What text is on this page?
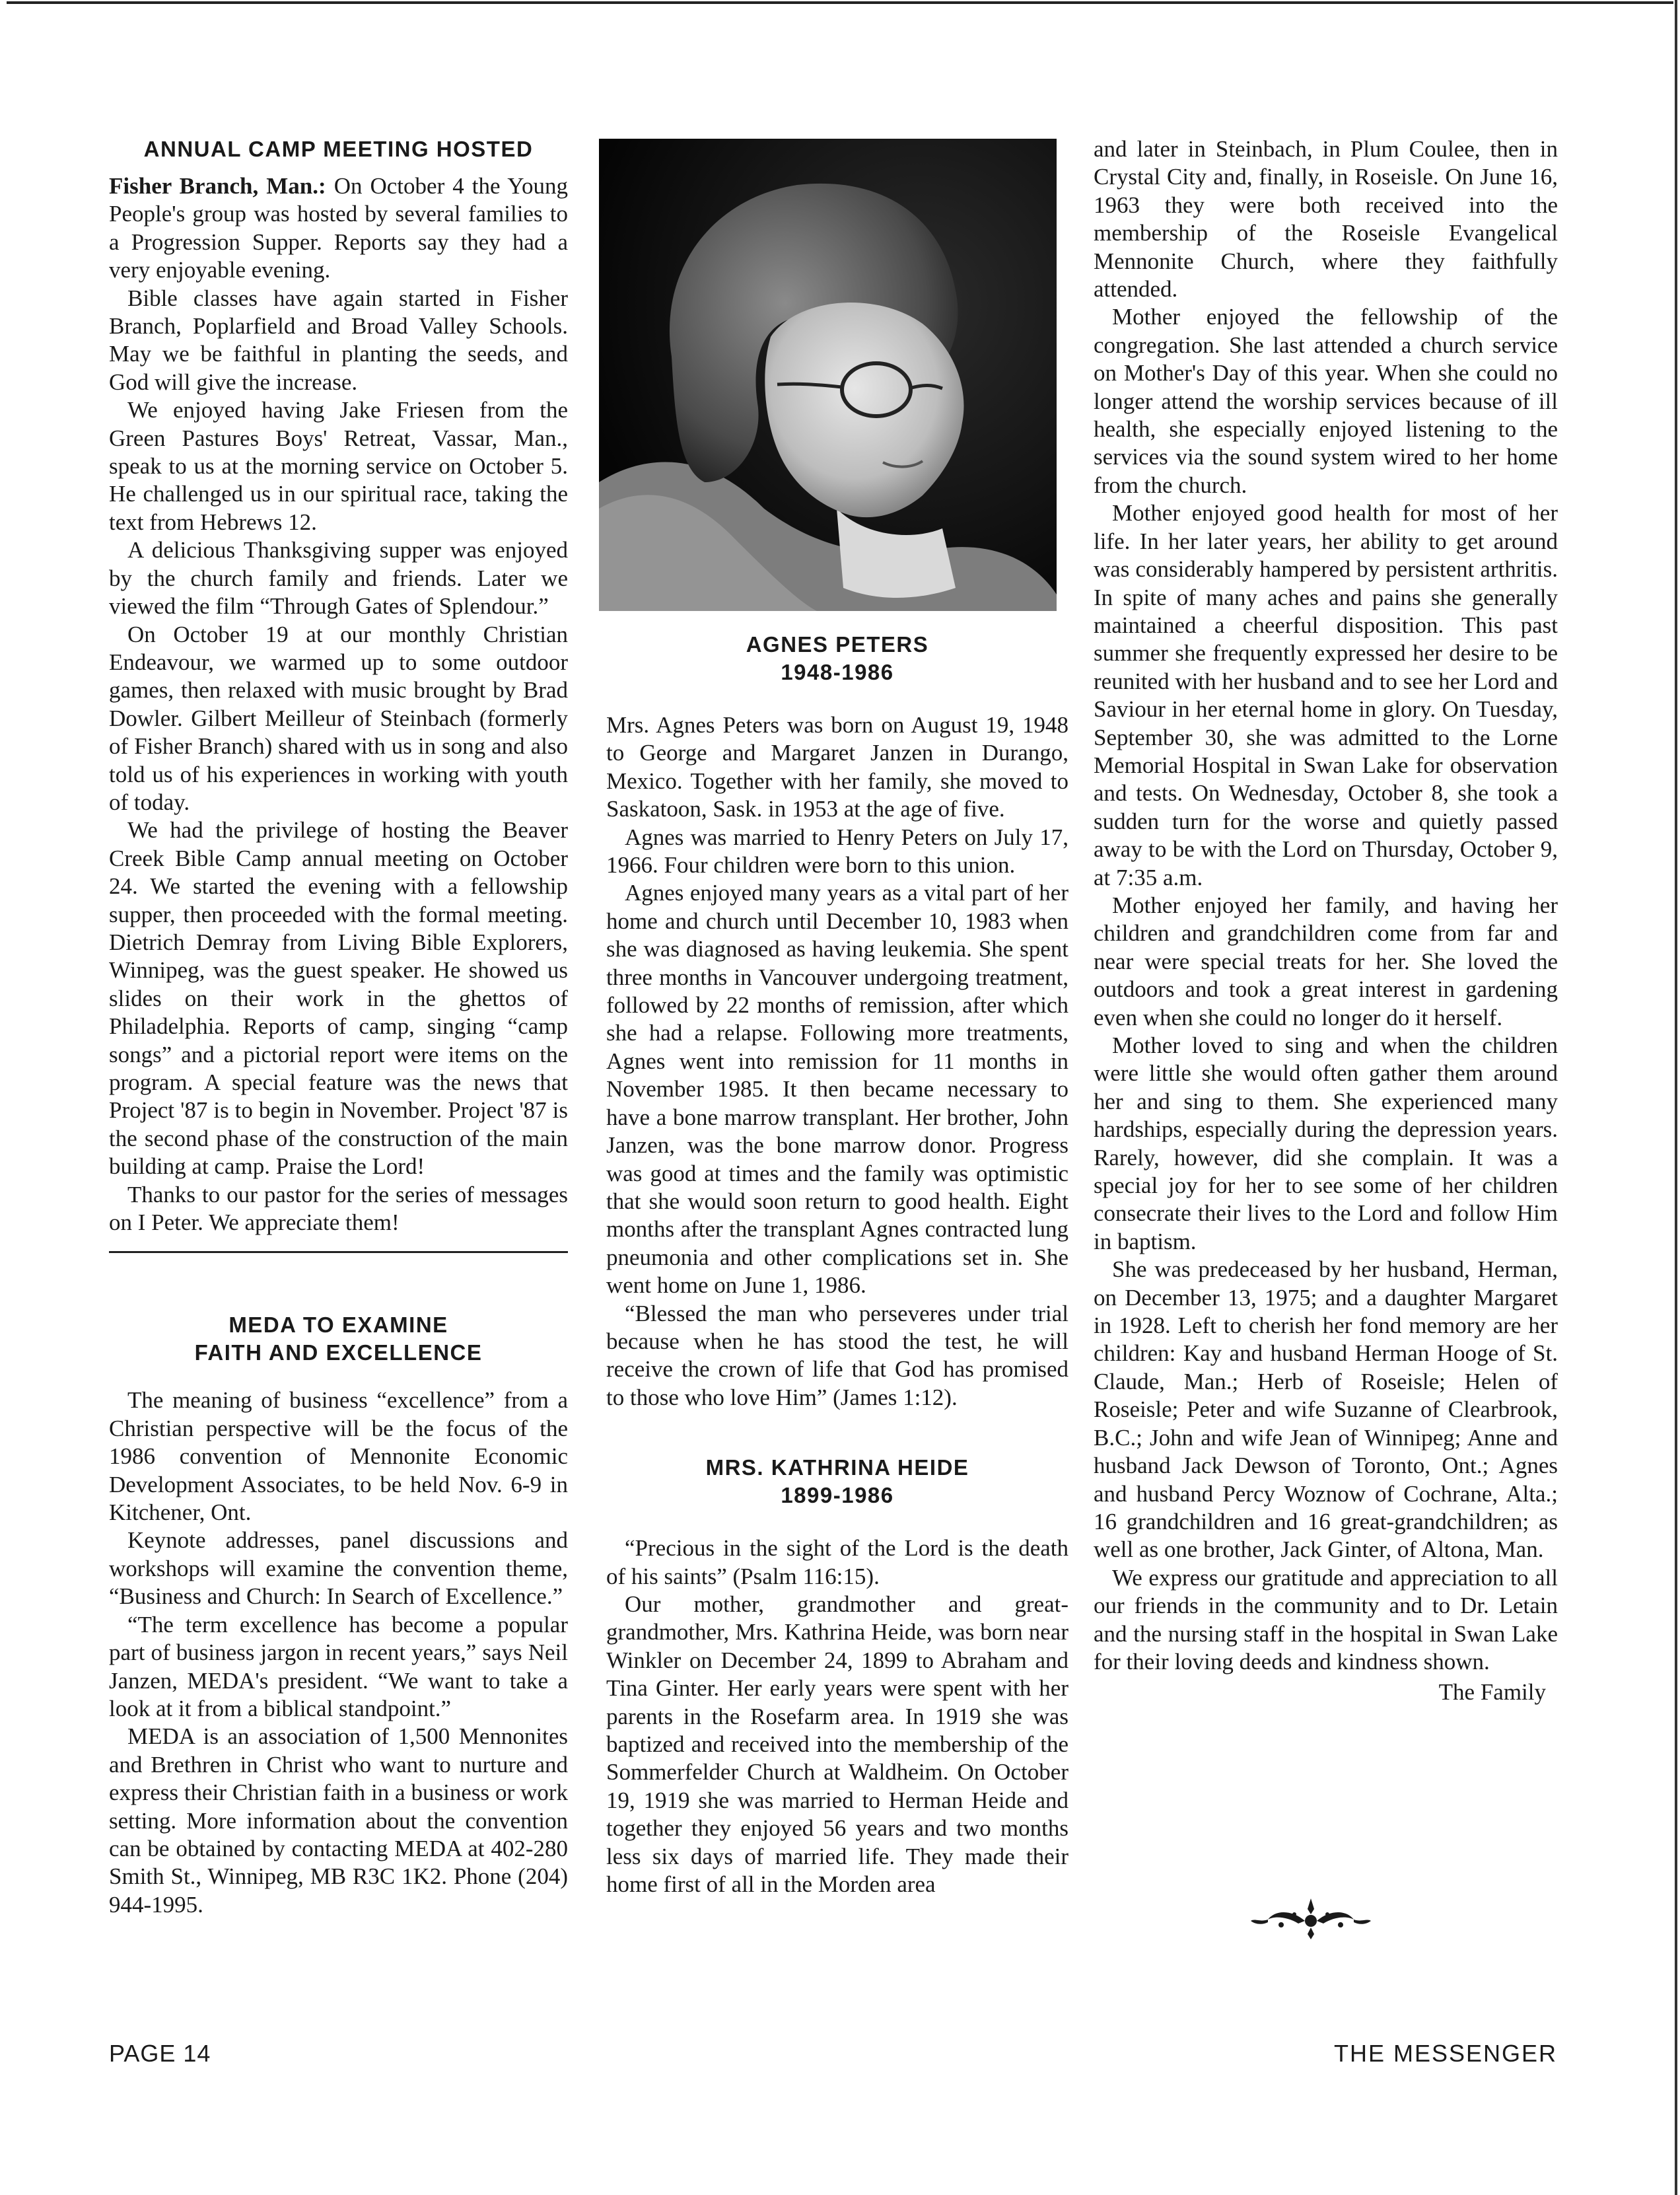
ANNUAL CAMP MEETING HOSTED

Fisher Branch, Man.: On October 4 the Young People's group was hosted by several families to a Progression Supper. Reports say they had a very enjoyable evening.

Bible classes have again started in Fisher Branch, Poplarfield and Broad Valley Schools. May we be faithful in planting the seeds, and God will give the increase.

We enjoyed having Jake Friesen from the Green Pastures Boys' Retreat, Vassar, Man., speak to us at the morning service on October 5. He challenged us in our spiritual race, taking the text from Hebrews 12.

A delicious Thanksgiving supper was enjoyed by the church family and friends. Later we viewed the film “Through Gates of Splendour.”

On October 19 at our monthly Christian Endeavour, we warmed up to some outdoor games, then relaxed with music brought by Brad Dowler. Gilbert Meilleur of Steinbach (formerly of Fisher Branch) shared with us in song and also told us of his experiences in working with youth of today.

We had the privilege of hosting the Beaver Creek Bible Camp annual meeting on October 24. We started the evening with a fellowship supper, then proceeded with the formal meeting. Dietrich Demray from Living Bible Explorers, Winnipeg, was the guest speaker. He showed us slides on their work in the ghettos of Philadelphia. Reports of camp, singing “camp songs” and a pictorial report were items on the program. A special feature was the news that Project '87 is to begin in November. Project '87 is the second phase of the construction of the main building at camp. Praise the Lord!

Thanks to our pastor for the series of messages on I Peter. We appreciate them!

MEDA TO EXAMINE
FAITH AND EXCELLENCE

The meaning of business “excellence” from a Christian perspective will be the focus of the 1986 convention of Mennonite Economic Development Associates, to be held Nov. 6-9 in Kitchener, Ont.

Keynote addresses, panel discussions and workshops will examine the convention theme, “Business and Church: In Search of Excellence.”

“The term excellence has become a popular part of business jargon in recent years,” says Neil Janzen, MEDA's president. “We want to take a look at it from a biblical standpoint.”

MEDA is an association of 1,500 Mennonites and Brethren in Christ who want to nurture and express their Christian faith in a business or work setting. More information about the convention can be obtained by contacting MEDA at 402-280 Smith St., Winnipeg, MB R3C 1K2. Phone (204) 944-1995.

AGNES PETERS
1948-1986

Mrs. Agnes Peters was born on August 19, 1948 to George and Margaret Janzen in Durango, Mexico. Together with her family, she moved to Saskatoon, Sask. in 1953 at the age of five.

Agnes was married to Henry Peters on July 17, 1966. Four children were born to this union.

Agnes enjoyed many years as a vital part of her home and church until December 10, 1983 when she was diagnosed as having leukemia. She spent three months in Vancouver undergoing treatment, followed by 22 months of remission, after which she had a relapse. Following more treatments, Agnes went into remission for 11 months in November 1985. It then became necessary to have a bone marrow transplant. Her brother, John Janzen, was the bone marrow donor. Progress was good at times and the family was optimistic that she would soon return to good health. Eight months after the transplant Agnes contracted lung pneumonia and other complications set in. She went home on June 1, 1986.

“Blessed the man who perseveres under trial because when he has stood the test, he will receive the crown of life that God has promised to those who love Him” (James 1:12).

MRS. KATHRINA HEIDE
1899-1986

“Precious in the sight of the Lord is the death of his saints” (Psalm 116:15).

Our mother, grandmother and great-grandmother, Mrs. Kathrina Heide, was born near Winkler on December 24, 1899 to Abraham and Tina Ginter. Her early years were spent with her parents in the Rosefarm area. In 1919 she was baptized and received into the membership of the Sommerfelder Church at Waldheim. On October 19, 1919 she was married to Herman Heide and together they enjoyed 56 years and two months less six days of married life. They made their home first of all in the Morden area

and later in Steinbach, in Plum Coulee, then in Crystal City and, finally, in Roseisle. On June 16, 1963 they were both received into the membership of the Roseisle Evangelical Mennonite Church, where they faithfully attended.

Mother enjoyed the fellowship of the congregation. She last attended a church service on Mother's Day of this year. When she could no longer attend the worship services because of ill health, she especially enjoyed listening to the services via the sound system wired to her home from the church.

Mother enjoyed good health for most of her life. In her later years, her ability to get around was considerably hampered by persistent arthritis. In spite of many aches and pains she generally maintained a cheerful disposition. This past summer she frequently expressed her desire to be reunited with her husband and to see her Lord and Saviour in her eternal home in glory. On Tuesday, September 30, she was admitted to the Lorne Memorial Hospital in Swan Lake for observation and tests. On Wednesday, October 8, she took a sudden turn for the worse and quietly passed away to be with the Lord on Thursday, October 9, at 7:35 a.m.

Mother enjoyed her family, and having her children and grandchildren come from far and near were special treats for her. She loved the outdoors and took a great interest in gardening even when she could no longer do it herself.

Mother loved to sing and when the children were little she would often gather them around her and sing to them. She experienced many hardships, especially during the depression years. Rarely, however, did she complain. It was a special joy for her to see some of her children consecrate their lives to the Lord and follow Him in baptism.

She was predeceased by her husband, Herman, on December 13, 1975; and a daughter Margaret in 1928. Left to cherish her fond memory are her children: Kay and husband Herman Hooge of St. Claude, Man.; Herb of Roseisle; Helen of Roseisle; Peter and wife Suzanne of Clearbrook, B.C.; John and wife Jean of Winnipeg; Anne and husband Jack Dewson of Toronto, Ont.; Agnes and husband Percy Woznow of Cochrane, Alta.; 16 grandchildren and 16 great-grandchildren; as well as one brother, Jack Ginter, of Altona, Man.

We express our gratitude and appreciation to all our friends in the community and to Dr. Letain and the nursing staff in the hospital in Swan Lake for their loving deeds and kindness shown.

The Family
PAGE 14	THE MESSENGER
